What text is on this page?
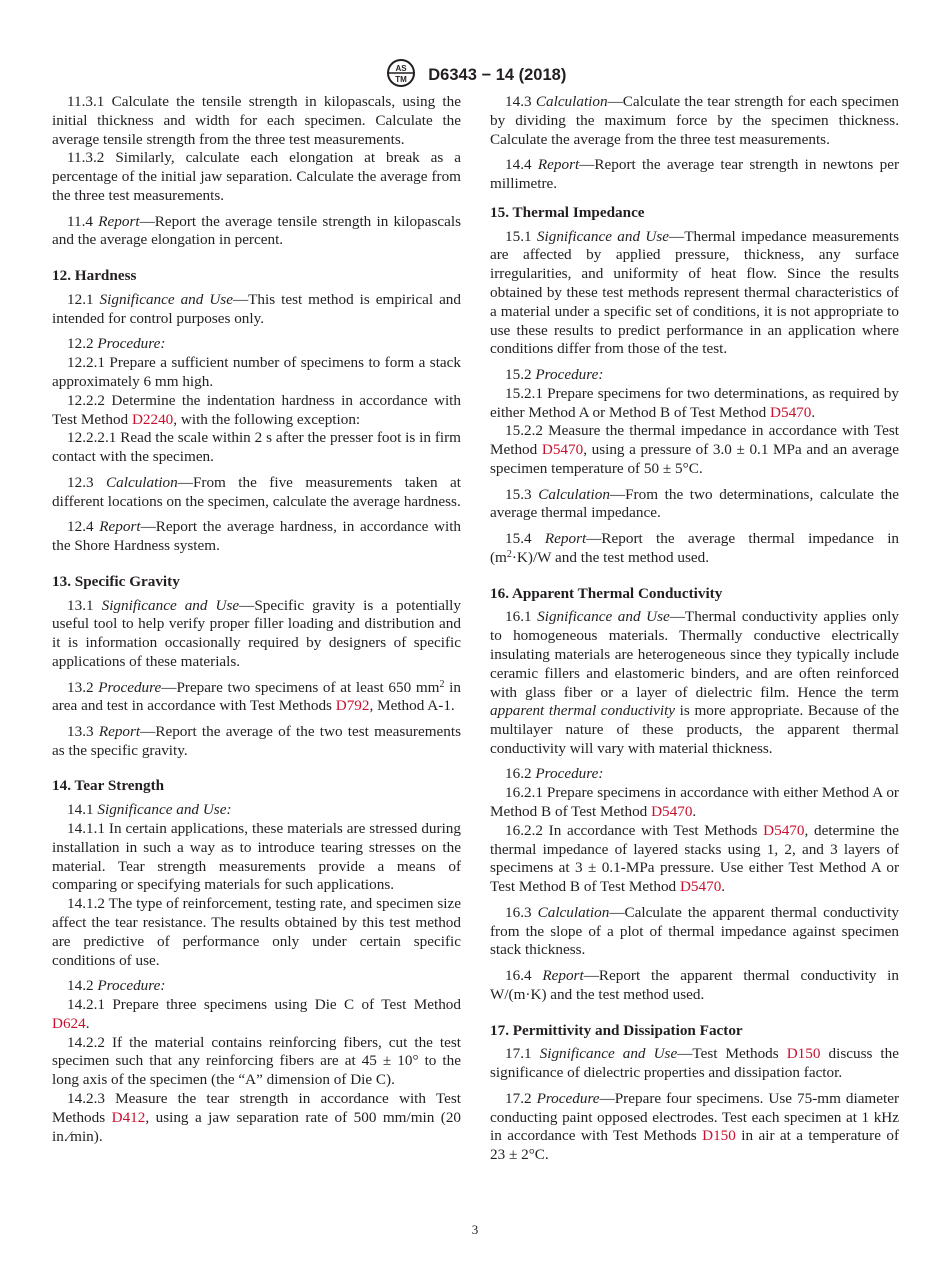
AS
TM D6343 − 14 (2018)

11.3.1 Calculate the tensile strength in kilopascals, using the initial thickness and width for each specimen. Calculate the average tensile strength from the three test measurements.

11.3.2 Similarly, calculate each elongation at break as a percentage of the initial jaw separation. Calculate the average from the three test measurements.

11.4 Report—Report the average tensile strength in kilopascals and the average elongation in percent.

12. Hardness

12.1 Significance and Use—This test method is empirical and intended for control purposes only.

12.2 Procedure:

12.2.1 Prepare a sufficient number of specimens to form a stack approximately 6 mm high.

12.2.2 Determine the indentation hardness in accordance with Test Method D2240, with the following exception:

12.2.2.1 Read the scale within 2 s after the presser foot is in firm contact with the specimen.

12.3 Calculation—From the five measurements taken at different locations on the specimen, calculate the average hardness.

12.4 Report—Report the average hardness, in accordance with the Shore Hardness system.

13. Specific Gravity

13.1 Significance and Use—Specific gravity is a potentially useful tool to help verify proper filler loading and distribution and it is information occasionally required by designers of specific applications of these materials.

13.2 Procedure—Prepare two specimens of at least 650 $mm^2$ in area and test in accordance with Test Methods D792, Method A-1.

13.3 Report—Report the average of the two test measurements as the specific gravity.

14. Tear Strength

14.1 Significance and Use:

14.1.1 In certain applications, these materials are stressed during installation in such a way as to introduce tearing stresses on the material. Tear strength measurements provide a means of comparing or specifying materials for such applications.

14.1.2 The type of reinforcement, testing rate, and specimen size affect the tear resistance. The results obtained by this test method are predictive of performance only under certain specific conditions of use.

14.2 Procedure:

14.2.1 Prepare three specimens using Die C of Test Method D624.

14.2.2 If the material contains reinforcing fibers, cut the test specimen such that any reinforcing fibers are at 45 ± 10° to the long axis of the specimen (the “A” dimension of Die C).

14.2.3 Measure the tear strength in accordance with Test Methods D412, using a jaw separation rate of 500 mm/min (20 in.⁄min).

14.3 Calculation—Calculate the tear strength for each specimen by dividing the maximum force by the specimen thickness. Calculate the average from the three test measurements.

14.4 Report—Report the average tear strength in newtons per millimetre.

15. Thermal Impedance

15.1 Significance and Use—Thermal impedance measurements are affected by applied pressure, thickness, any surface irregularities, and uniformity of heat flow. Since the results obtained by these test methods represent thermal characteristics of a material under a specific set of conditions, it is not appropriate to use these results to predict performance in an application where conditions differ from those of the test.

15.2 Procedure:

15.2.1 Prepare specimens for two determinations, as required by either Method A or Method B of Test Method D5470.

15.2.2 Measure the thermal impedance in accordance with Test Method D5470, using a pressure of 3.0 ± 0.1 MPa and an average specimen temperature of 50 ± 5°C.

15.3 Calculation—From the two determinations, calculate the average thermal impedance.

15.4 Report—Report the average thermal impedance in $(m^2\cdot K)/W$ and the test method used.

16. Apparent Thermal Conductivity

16.1 Significance and Use—Thermal conductivity applies only to homogeneous materials. Thermally conductive electrically insulating materials are heterogeneous since they typically include ceramic fillers and elastomeric binders, and are often reinforced with glass fiber or a layer of dielectric film. Hence the term apparent thermal conductivity is more appropriate. Because of the multilayer nature of these products, the apparent thermal conductivity will vary with material thickness.

16.2 Procedure:

16.2.1 Prepare specimens in accordance with either Method A or Method B of Test Method D5470.

16.2.2 In accordance with Test Methods D5470, determine the thermal impedance of layered stacks using 1, 2, and 3 layers of specimens at 3 ± 0.1-MPa pressure. Use either Test Method A or Test Method B of Test Method D5470.

16.3 Calculation—Calculate the apparent thermal conductivity from the slope of a plot of thermal impedance against specimen stack thickness.

16.4 Report—Report the apparent thermal conductivity in W/(m·K) and the test method used.

17. Permittivity and Dissipation Factor

17.1 Significance and Use—Test Methods D150 discuss the significance of dielectric properties and dissipation factor.

17.2 Procedure—Prepare four specimens. Use 75-mm diameter conducting paint opposed electrodes. Test each specimen at 1 kHz in accordance with Test Methods D150 in air at a temperature of 23 ± 2°C.

3
